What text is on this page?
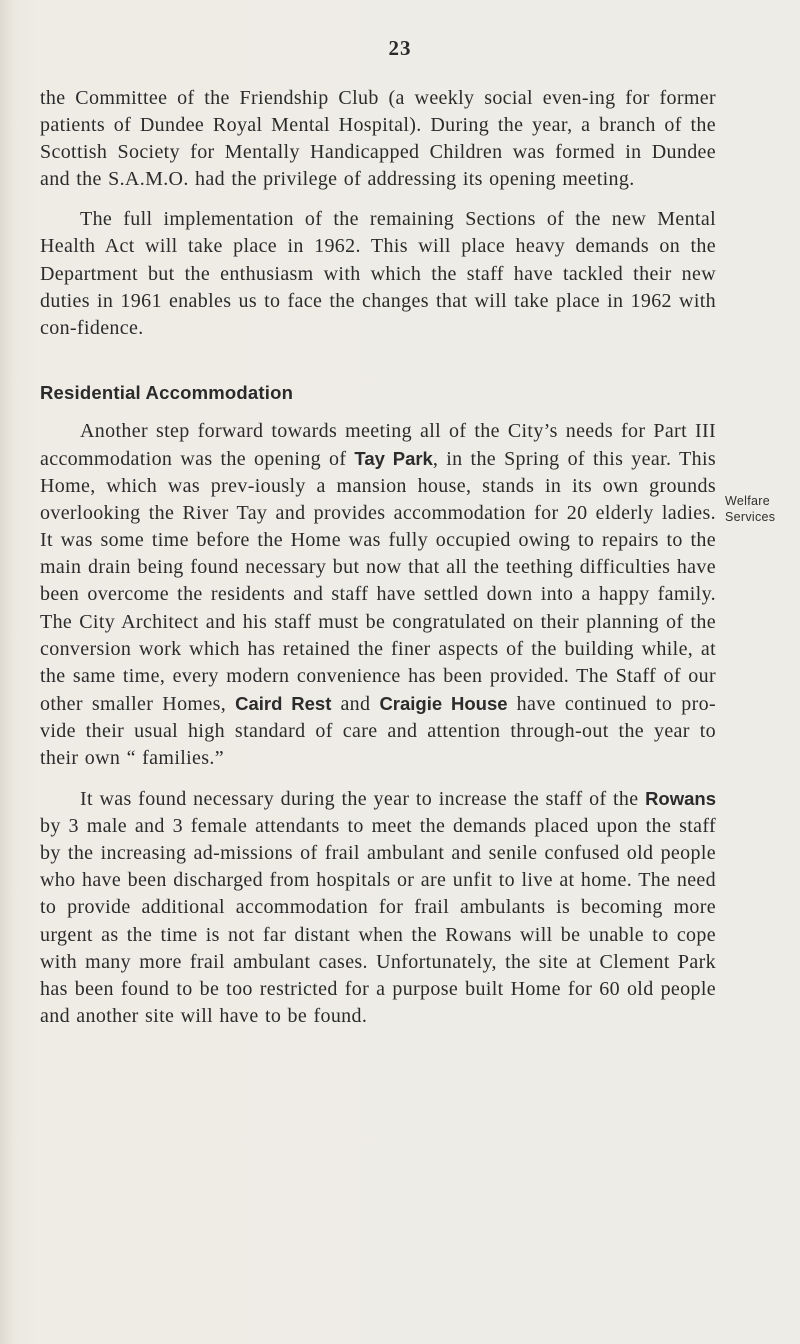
23

the Committee of the Friendship Club (a weekly social even-ing for former patients of Dundee Royal Mental Hospital). During the year, a branch of the Scottish Society for Mentally Handicapped Children was formed in Dundee and the S.A.M.O. had the privilege of addressing its opening meeting.

The full implementation of the remaining Sections of the new Mental Health Act will take place in 1962. This will place heavy demands on the Department but the enthusiasm with which the staff have tackled their new duties in 1961 enables us to face the changes that will take place in 1962 with con-fidence.

Residential Accommodation

Another step forward towards meeting all of the City’s needs for Part III accommodation was the opening of Tay Park, in the Spring of this year. This Home, which was prev-iously a mansion house, stands in its own grounds overlooking the River Tay and provides accommodation for 20 elderly ladies. It was some time before the Home was fully occupied owing to repairs to the main drain being found necessary but now that all the teething difficulties have been overcome the residents and staff have settled down into a happy family. The City Architect and his staff must be congratulated on their planning of the conversion work which has retained the finer aspects of the building while, at the same time, every modern convenience has been provided. The Staff of our other smaller Homes, Caird Rest and Craigie House have continued to pro-vide their usual high standard of care and attention through-out the year to their own “ families.”

It was found necessary during the year to increase the staff of the Rowans by 3 male and 3 female attendants to meet the demands placed upon the staff by the increasing ad-missions of frail ambulant and senile confused old people who have been discharged from hospitals or are unfit to live at home. The need to provide additional accommodation for frail ambulants is becoming more urgent as the time is not far distant when the Rowans will be unable to cope with many more frail ambulant cases. Unfortunately, the site at Clement Park has been found to be too restricted for a purpose built Home for 60 old people and another site will have to be found.

Welfare
Services
